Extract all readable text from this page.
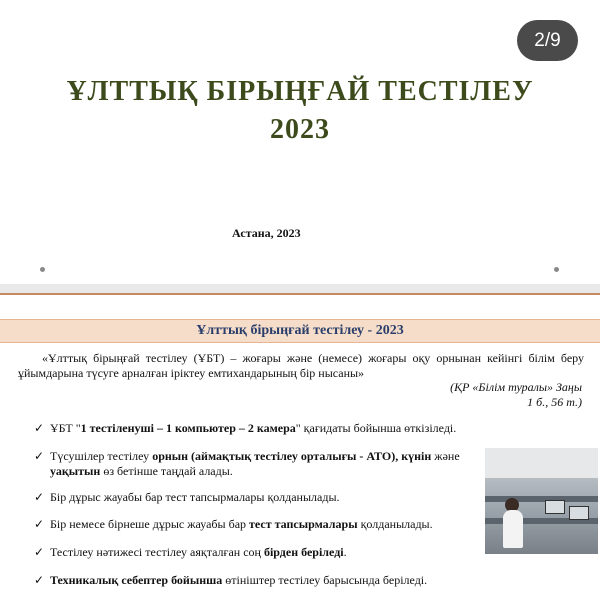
2/9
ҰЛТТЫҚ БІРЫҢҒАЙ ТЕСТІЛЕУ
2023
Астана, 2023
Ұлттық бірыңғай тестілеу - 2023
«Ұлттық бірыңғай тестілеу (ҰБТ) – жоғары және (немесе) жоғары оқу орнынан кейінгі білім беру ұйымдарына түсуге арналған іріктеу емтихандарының бір нысаны»
(ҚР «Білім туралы» Заңы
1 б., 56 т.)
✓ ҰБТ "1 тестіленуші – 1 компьютер – 2 камера" қағидаты бойынша өткізіледі.
✓ Түсушілер тестілеу орнын (аймақтық тестілеу орталығы - АТО), күнін және уақытын өз бетінше таңдай алады.
✓ Бір дұрыс жауабы бар тест тапсырмалары қолданылады.
✓ Бір немесе бірнеше дұрыс жауабы бар тест тапсырмалары қолданылады.
✓ Тестілеу нәтижесі тестілеу аяқталған соң бірден беріледі.
✓ Техникалық себептер бойынша өтініштер тестілеу барысында беріледі.
